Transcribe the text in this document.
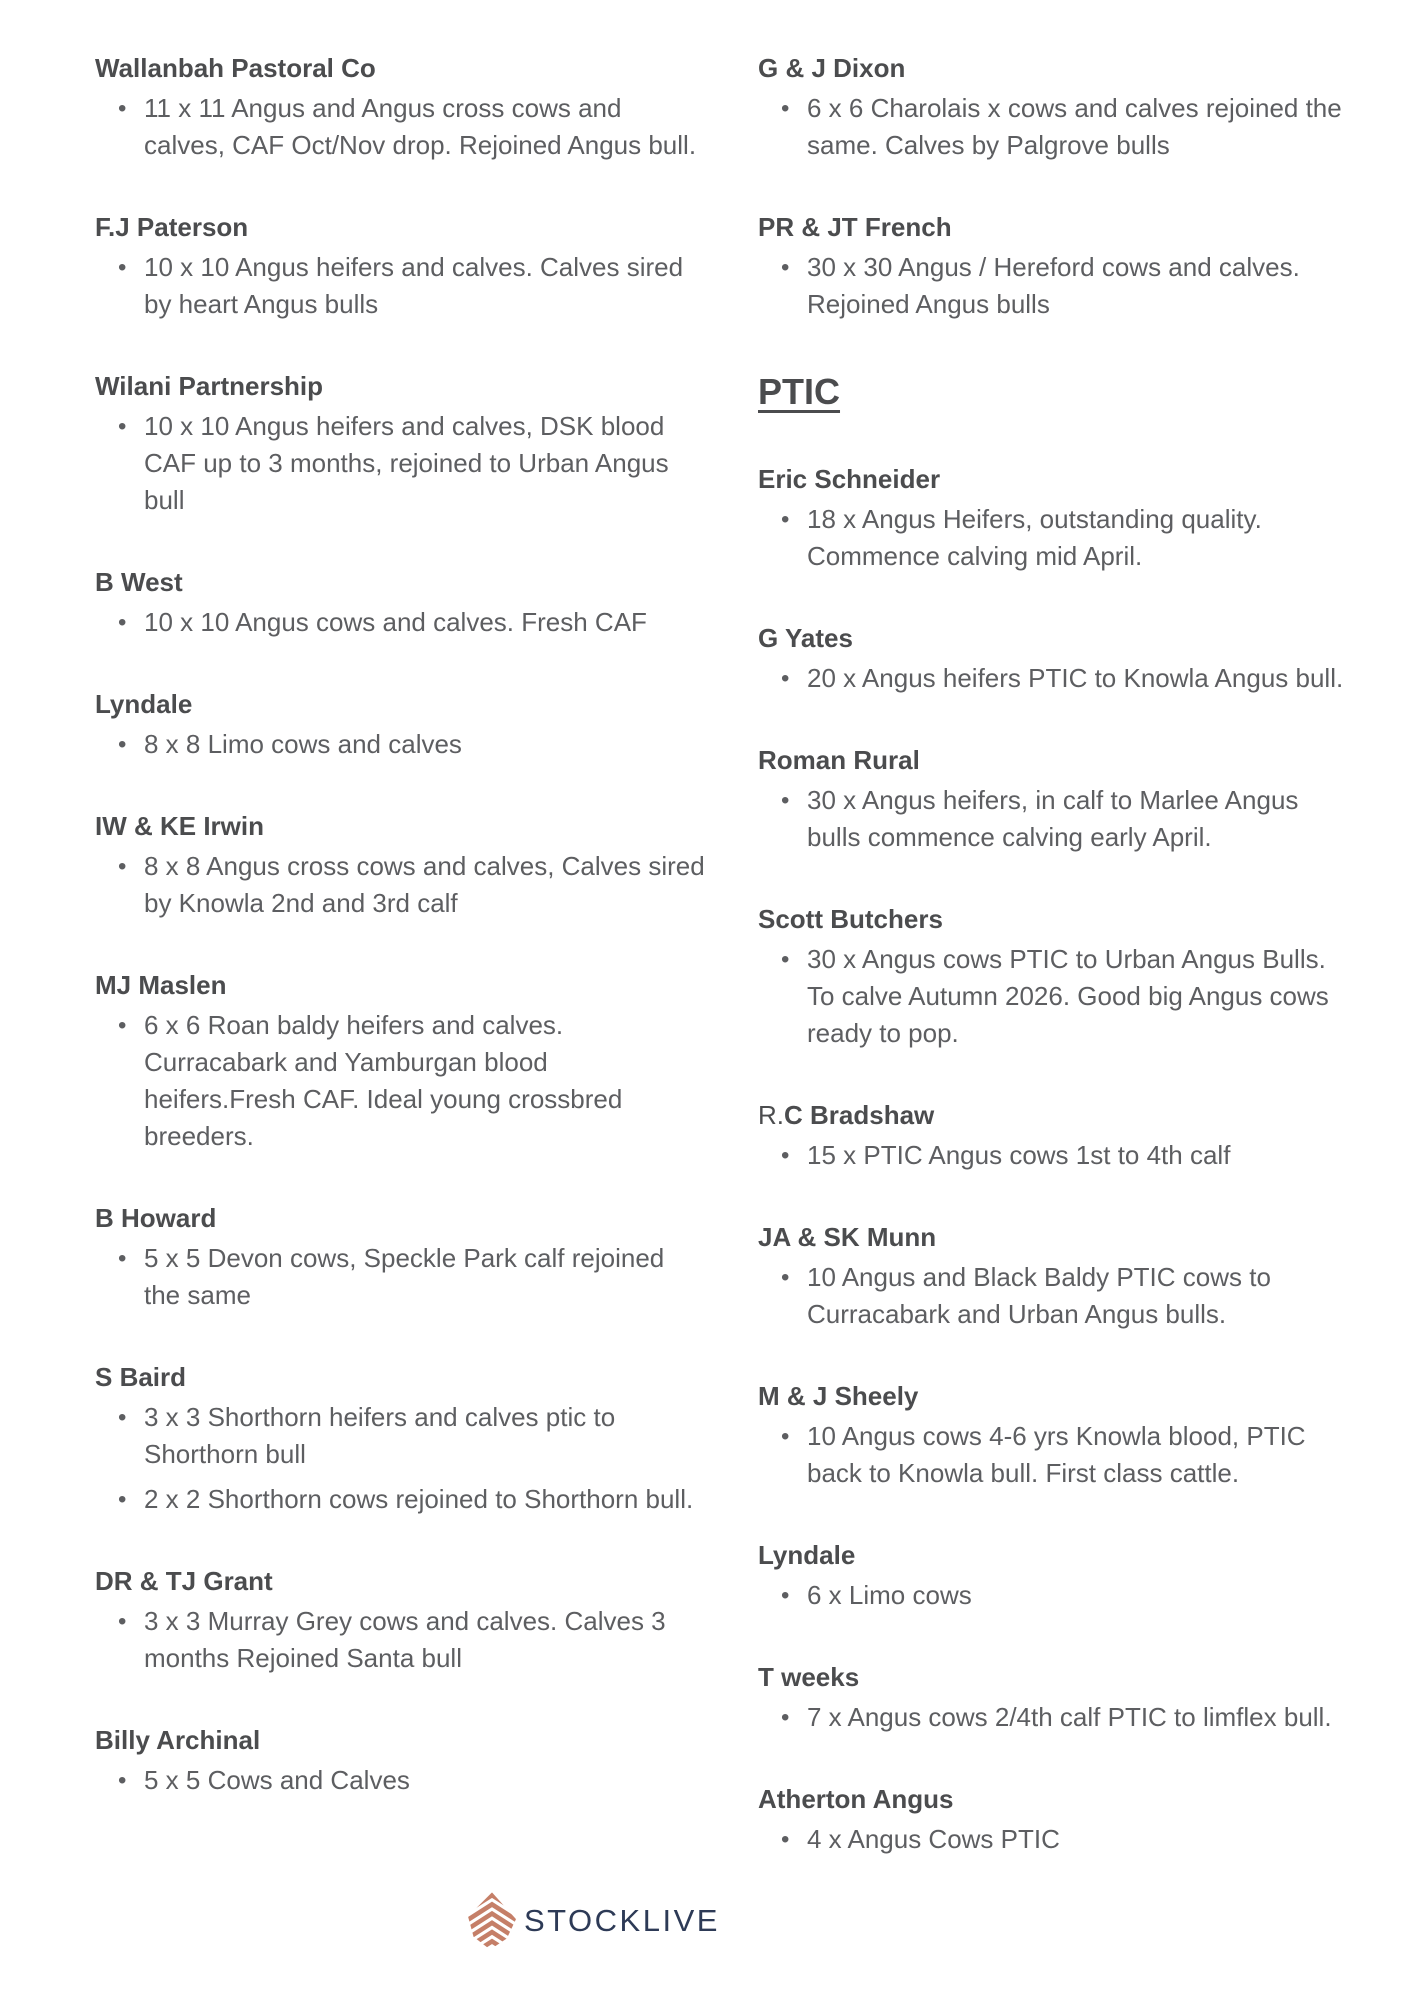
Wallanbah Pastoral Co
• 11 x 11 Angus and Angus cross cows and calves, CAF Oct/Nov drop. Rejoined Angus bull.
F.J Paterson
• 10 x 10 Angus heifers and calves. Calves sired by heart Angus bulls
Wilani Partnership
• 10 x 10 Angus heifers and calves, DSK blood CAF up to 3 months, rejoined to Urban Angus bull
B West
• 10 x 10 Angus cows and calves. Fresh CAF
Lyndale
• 8 x 8 Limo cows and calves
IW & KE Irwin
• 8 x 8 Angus cross cows and calves, Calves sired by Knowla 2nd and 3rd calf
MJ Maslen
• 6 x 6 Roan baldy heifers and calves. Curracabark and Yamburgan blood heifers.Fresh CAF. Ideal young crossbred breeders.
B Howard
• 5 x 5 Devon cows, Speckle Park calf rejoined the same
S Baird
• 3 x 3 Shorthorn heifers and calves ptic to Shorthorn bull
• 2 x 2 Shorthorn cows rejoined to Shorthorn bull.
DR & TJ Grant
• 3 x 3 Murray Grey cows and calves. Calves 3 months Rejoined Santa bull
Billy Archinal
• 5 x 5 Cows and Calves
G & J Dixon
• 6 x 6 Charolais x cows and calves rejoined the same. Calves by Palgrove bulls
PR & JT French
• 30 x 30 Angus / Hereford cows and calves. Rejoined Angus bulls
PTIC
Eric Schneider
• 18 x Angus Heifers, outstanding quality. Commence calving mid April.
G Yates
• 20 x Angus heifers PTIC to Knowla Angus bull.
Roman Rural
• 30 x Angus heifers, in calf to Marlee Angus bulls commence calving early April.
Scott Butchers
• 30 x Angus cows PTIC to Urban Angus Bulls. To calve Autumn 2026. Good big Angus cows ready to pop.
R.C Bradshaw
• 15 x PTIC Angus cows 1st to 4th calf
JA & SK Munn
• 10 Angus and Black Baldy PTIC cows to Curracabark and Urban Angus bulls.
M & J Sheely
• 10 Angus cows 4-6 yrs Knowla blood, PTIC back to Knowla bull. First class cattle.
Lyndale
• 6 x Limo cows
T weeks
• 7 x Angus cows 2/4th calf PTIC to limflex bull.
Atherton Angus
• 4 x Angus Cows PTIC
STOCKLIVE
